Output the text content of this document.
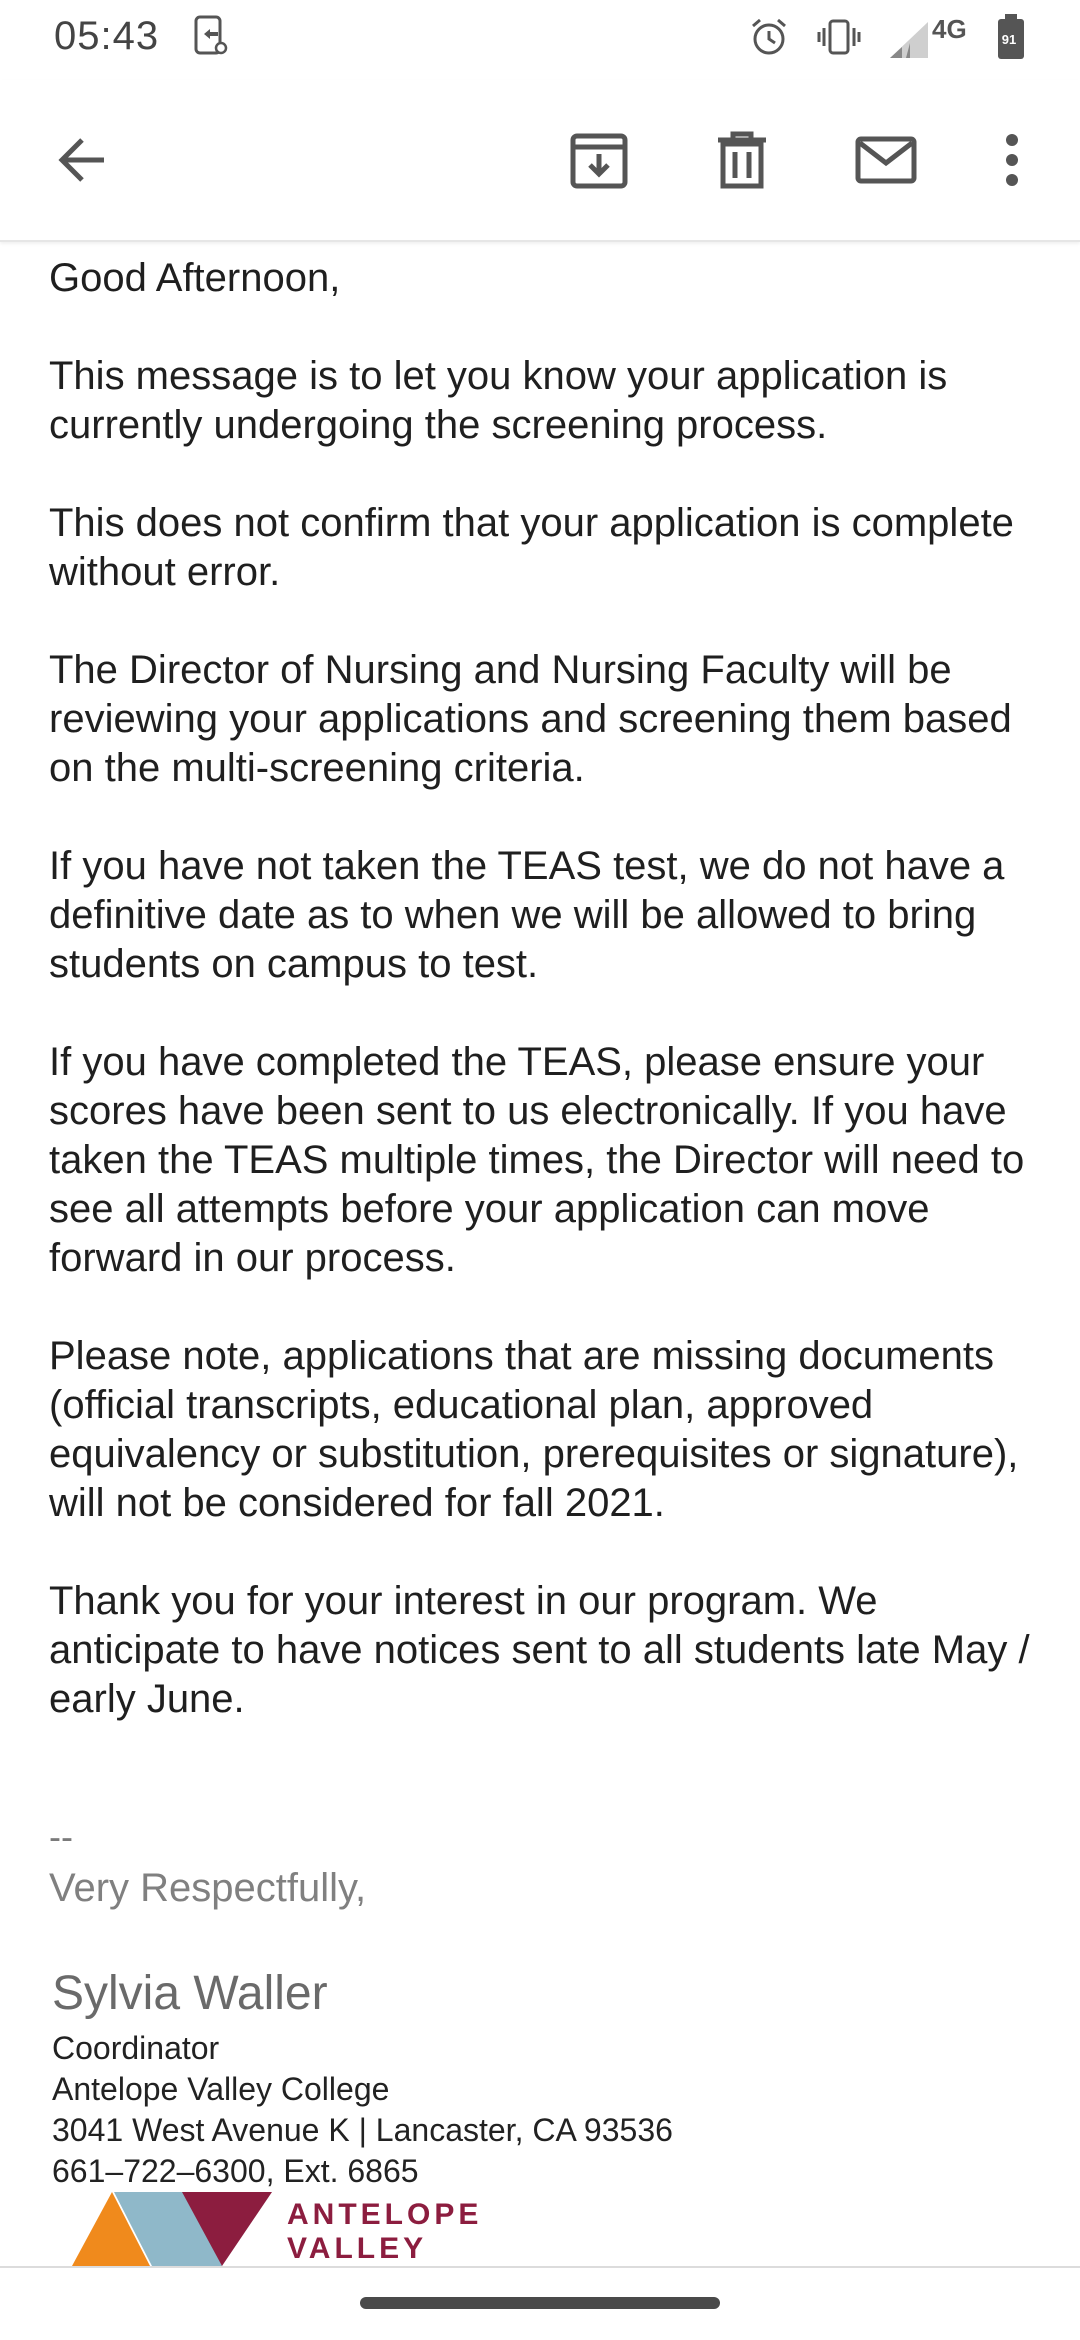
05:43	4G	91

Good Afternoon,

This message is to let you know your application is currently undergoing the screening process.

This does not confirm that your application is complete without error.

The Director of Nursing and Nursing Faculty will be reviewing your applications and screening them based on the multi-screening criteria.

If you have not taken the TEAS test, we do not have a definitive date as to when we will be allowed to bring students on campus to test.

If you have completed the TEAS, please ensure your scores have been sent to us electronically. If you have taken the TEAS multiple times, the Director will need to see all attempts before your application can move forward in our process.

Please note, applications that are missing documents (official transcripts, educational plan, approved equivalency or substitution, prerequisites or signature), will not be considered for fall 2021.

Thank you for your interest in our program. We anticipate to have notices sent to all students late May / early June.

--
Very Respectfully,
Sylvia Waller
Coordinator
Antelope Valley College
3041 West Avenue K | Lancaster, CA 93536
661–722–6300, Ext. 6865
ANTELOPE
VALLEY
